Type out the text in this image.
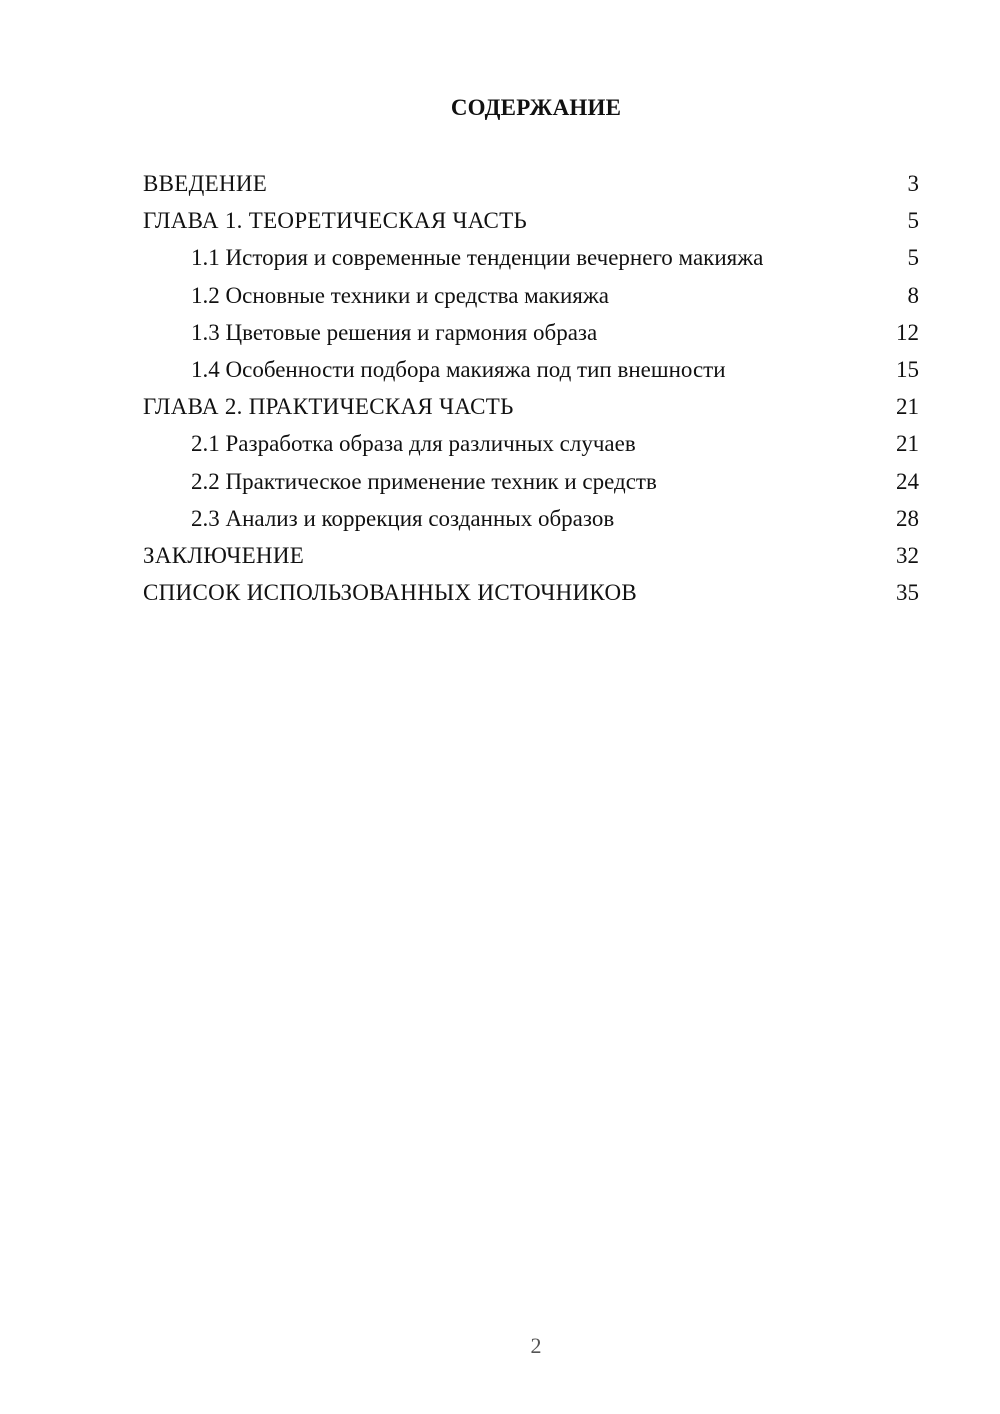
СОДЕРЖАНИЕ
ВВЕДЕНИЕ	3
ГЛАВА 1. ТЕОРЕТИЧЕСКАЯ ЧАСТЬ	5
1.1 История и современные тенденции вечернего макияжа	5
1.2 Основные техники и средства макияжа	8
1.3 Цветовые решения и гармония образа	12
1.4 Особенности подбора макияжа под тип внешности	15
ГЛАВА 2. ПРАКТИЧЕСКАЯ ЧАСТЬ	21
2.1 Разработка образа для различных случаев	21
2.2 Практическое применение техник и средств	24
2.3 Анализ и коррекция созданных образов	28
ЗАКЛЮЧЕНИЕ	32
СПИСОК ИСПОЛЬЗОВАННЫХ ИСТОЧНИКОВ	35
2
